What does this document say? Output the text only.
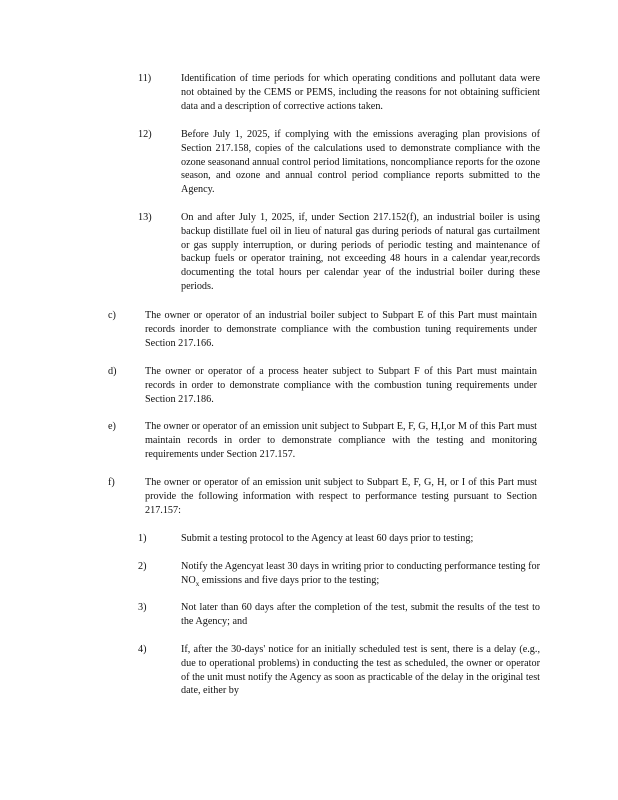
11)	Identification of time periods for which operating conditions and pollutant data were not obtained by the CEMS or PEMS, including the reasons for not obtaining sufficient data and a description of corrective actions taken.
12)	Before July 1, 2025, if complying with the emissions averaging plan provisions of Section 217.158, copies of the calculations used to demonstrate compliance with the ozone seasonand annual control period limitations, noncompliance reports for the ozone season, and ozone and annual control period compliance reports submitted to the Agency.
13)	On and after July 1, 2025, if, under Section 217.152(f), an industrial boiler is using backup distillate fuel oil in lieu of natural gas during periods of natural gas curtailment or gas supply interruption, or during periods of periodic testing and maintenance of backup fuels or operator training, not exceeding 48 hours in a calendar year,records documenting the total hours per calendar year of the industrial boiler during these periods.
c)	The owner or operator of an industrial boiler subject to Subpart E of this Part must maintain records inorder to demonstrate compliance with the combustion tuning requirements under Section 217.166.
d)	The owner or operator of a process heater subject to Subpart F of this Part must maintain records in order to demonstrate compliance with the combustion tuning requirements under Section 217.186.
e)	The owner or operator of an emission unit subject to Subpart E, F, G, H,I,or M of this Part must maintain records in order to demonstrate compliance with the testing and monitoring requirements under Section 217.157.
f)	The owner or operator of an emission unit subject to Subpart E, F, G, H, or I of this Part must provide the following information with respect to performance testing pursuant to Section 217.157:
1)	Submit a testing protocol to the Agency at least 60 days prior to testing;
2)	Notify the Agencyat least 30 days in writing prior to conducting performance testing for $NO_x$ emissions and five days prior to the testing;
3)	Not later than 60 days after the completion of the test, submit the results of the test to the Agency; and
4)	If, after the 30-days' notice for an initially scheduled test is sent, there is a delay (e.g., due to operational problems) in conducting the test as scheduled, the owner or operator of the unit must notify the Agency as soon as practicable of the delay in the original test date, either by
